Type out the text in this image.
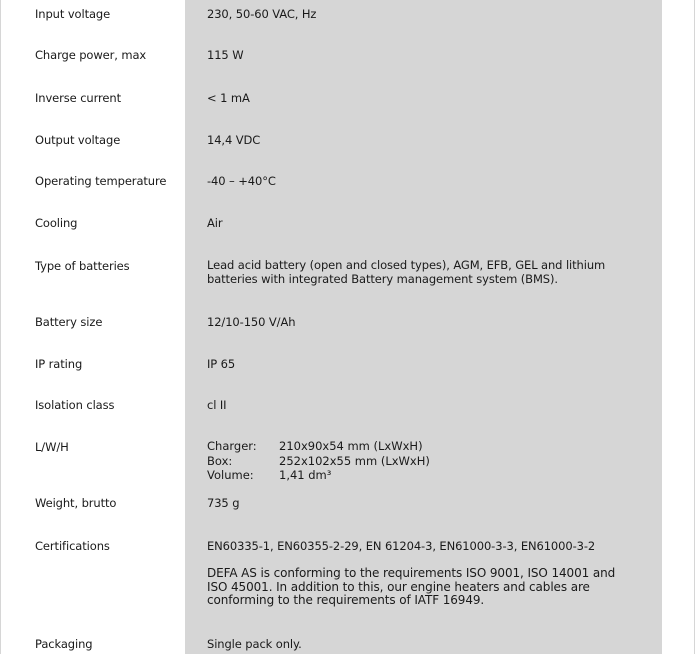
Input voltage	230, 50-60 VAC, Hz
Charge power, max	115 W
Inverse current	< 1 mA
Output voltage	14,4 VDC
Operating temperature	-40 – +40°C
Cooling	Air
Type of batteries	Lead acid battery (open and closed types), AGM, EFB, GEL and lithium batteries with integrated Battery management system (BMS).
Battery size	12/10-150 V/Ah
IP rating	IP 65
Isolation class	cl II
L/W/H	Charger:	210x90x54 mm (LxWxH)
Box:	252x102x55 mm (LxWxH)
Volume:	1,41 dm³
Weight, brutto	735 g
Certifications	EN60335-1, EN60355-2-29, EN 61204-3, EN61000-3-3, EN61000-3-2
DEFA AS is conforming to the requirements ISO 9001, ISO 14001 and ISO 45001. In addition to this, our engine heaters and cables are conforming to the requirements of IATF 16949.
Packaging	Single pack only.
